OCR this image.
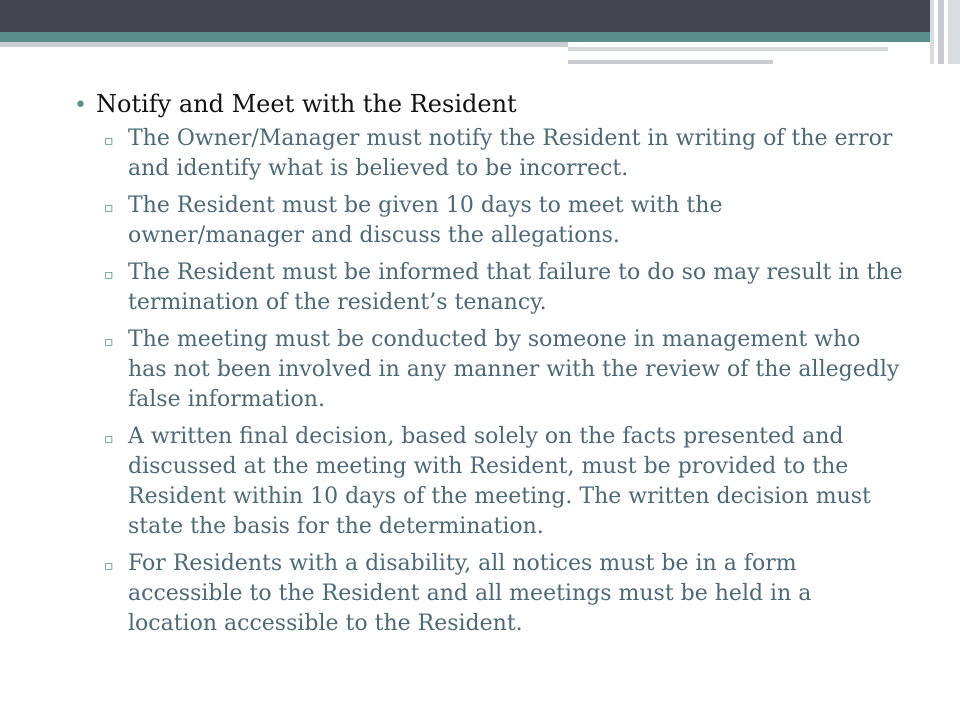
• Notify and Meet with the Resident
▫ The Owner/Manager must notify the Resident in writing of the error and identify what is believed to be incorrect.
▫ The Resident must be given 10 days to meet with the owner/manager and discuss the allegations.
▫ The Resident must be informed that failure to do so may result in the termination of the resident’s tenancy.
▫ The meeting must be conducted by someone in management who has not been involved in any manner with the review of the allegedly false information.
▫ A written final decision, based solely on the facts presented and discussed at the meeting with Resident, must be provided to the Resident within 10 days of the meeting. The written decision must state the basis for the determination.
▫ For Residents with a disability, all notices must be in a form accessible to the Resident and all meetings must be held in a location accessible to the Resident.
